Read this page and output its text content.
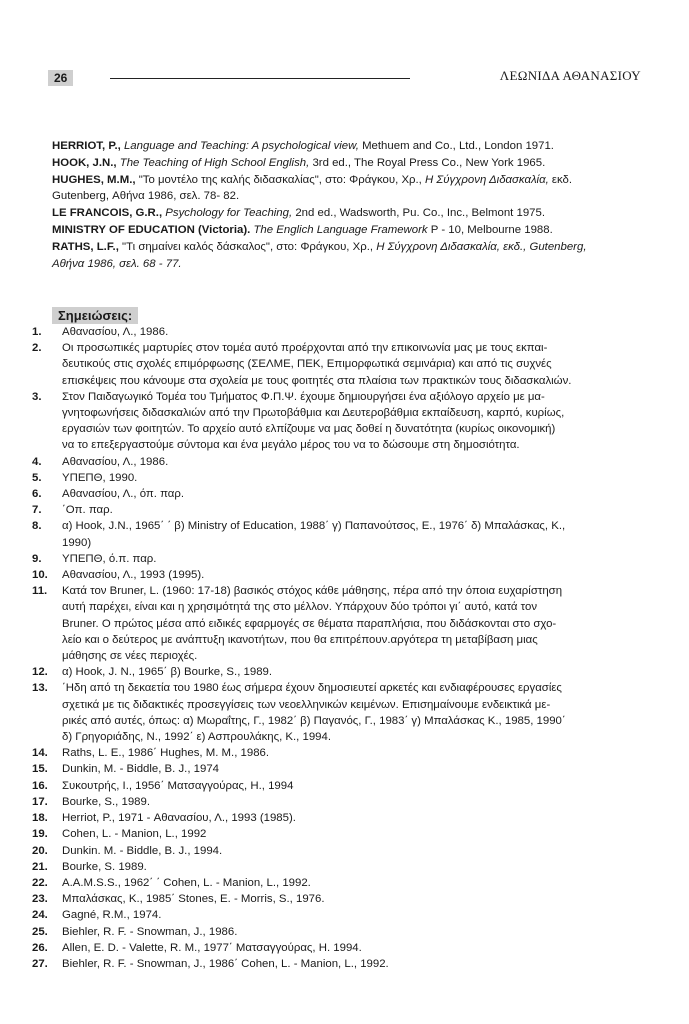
26	ΛΕΩΝΙΔΑ ΑΘΑΝΑΣΙΟΥ

HERRIOT, P., Language and Teaching: A psychological view, Methuem and Co., Ltd., London 1971.

HOOK, J.N., The Teaching of High School English, 3rd ed., The Royal Press Co., New York 1965.

HUGHES, M.M., "Το μοντέλο της καλής διδασκαλίας", στο: Φράγκου, Χρ., Η Σύγχρονη Διδασκαλία, εκδ.
Gutenberg, Αθήνα 1986, σελ. 78- 82.

LE FRANCOIS, G.R., Psychology for Teaching, 2nd ed., Wadsworth, Pu. Co., Inc., Belmont 1975.

MINISTRY OF EDUCATION (Victoria). The Englich Language Framework P - 10, Melbourne 1988.

RATHS, L.F., "Τι σημαίνει καλός δάσκαλος", στο: Φράγκου, Χρ., Η Σύγχρονη Διδασκαλία, εκδ., Gutenberg,
Αθήνα 1986, σελ. 68 - 77.

Σημειώσεις:
1.	Αθανασίου, Λ., 1986.
2.	Οι προσωπικές μαρτυρίες στον τομέα αυτό προέρχονται από την επικοινωνία μας με τους εκπαι-
δευτικούς στις σχολές επιμόρφωσης (ΣΕΛΜΕ, ΠΕΚ, Επιμορφωτικά σεμινάρια) και από τις συχνές
επισκέψεις που κάνουμε στα σχολεία με τους φοιτητές στα πλαίσια των πρακτικών τους διδασκαλιών.
3.	Στον Παιδαγωγικό Τομέα του Τμήματος Φ.Π.Ψ. έχουμε δημιουργήσει ένα αξιόλογο αρχείο με μα-
γνητοφωνήσεις διδασκαλιών από την Πρωτοβάθμια και Δευτεροβάθμια εκπαίδευση, καρπό, κυρίως,
εργασιών των φοιτητών. Το αρχείο αυτό ελπίζουμε να μας δοθεί η δυνατότητα (κυρίως οικονομική)
να το επεξεργαστούμε σύντομα και ένα μεγάλο μέρος του να το δώσουμε στη δημοσιότητα.
4.	Αθανασίου, Λ., 1986.
5.	ΥΠΕΠΘ, 1990.
6.	Αθανασίου, Λ., όπ. παρ.
7.	΄Οπ. παρ.
8.	α) Hook, J.N., 1965΄ ΄ β) Ministry of Education, 1988΄ γ) Παπανούτσος, Ε., 1976΄ δ) Μπαλάσκας, Κ.,
1990)
9.	ΥΠΕΠΘ, ό.π. παρ.
10.	Αθανασίου, Λ., 1993 (1995).
11.	Κατά τον Bruner, L. (1960: 17-18) βασικός στόχος κάθε μάθησης, πέρα από την όποια ευχαρίστηση
αυτή παρέχει, είναι και η χρησιμότητά της στο μέλλον. Υπάρχουν δύο τρόποι γι΄ αυτό, κατά τον
Bruner. Ο πρώτος μέσα από ειδικές εφαρμογές σε θέματα παραπλήσια, που διδάσκονται στο σχο-
λείο και ο δεύτερος με ανάπτυξη ικανοτήτων, που θα επιτρέπουν.αργότερα τη μεταβίβαση μιας
μάθησης σε νέες περιοχές.
12.	α) Hook, J. N., 1965΄ β) Bourke, S., 1989.
13.	΄Ηδη από τη δεκαετία του 1980 έως σήμερα έχουν δημοσιευτεί αρκετές και ενδιαφέρουσες εργασίες
σχετικά με τις διδακτικές προσεγγίσεις των νεοελληνικών κειμένων. Επισημαίνουμε ενδεικτικά με-
ρικές από αυτές, όπως: α) Μωραΐτης, Γ., 1982΄ β) Παγανός, Γ., 1983΄ γ) Μπαλάσκας Κ., 1985, 1990΄
δ) Γρηγοριάδης, Ν., 1992΄ ε) Ασπρουλάκης, Κ., 1994.
14.	Raths, L. E., 1986΄ Hughes, M. M., 1986.
15.	Dunkin, M. - Biddle, B. J., 1974
16.	Συκουτρής, Ι., 1956΄ Ματσαγγούρας, Η., 1994
17.	Bourke, S., 1989.
18.	Herriot, P., 1971 - Αθανασίου, Λ., 1993 (1985).
19.	Cohen, L. - Manion, L., 1992
20.	Dunkin. M. - Biddle, B. J., 1994.
21.	Bourke, S. 1989.
22.	A.A.M.S.S., 1962΄ ΄ Cohen, L. - Manion, L., 1992.
23.	Μπαλάσκας, Κ., 1985΄ Stones, E. - Morris, S., 1976.
24.	Gagné, R.M., 1974.
25.	Biehler, R. F. - Snowman, J., 1986.
26.	Allen, E. D. - Valette, R. M., 1977΄ Ματσαγγούρας, Η. 1994.
27.	Biehler, R. F. - Snowman, J., 1986΄ Cohen, L. - Manion, L., 1992.
